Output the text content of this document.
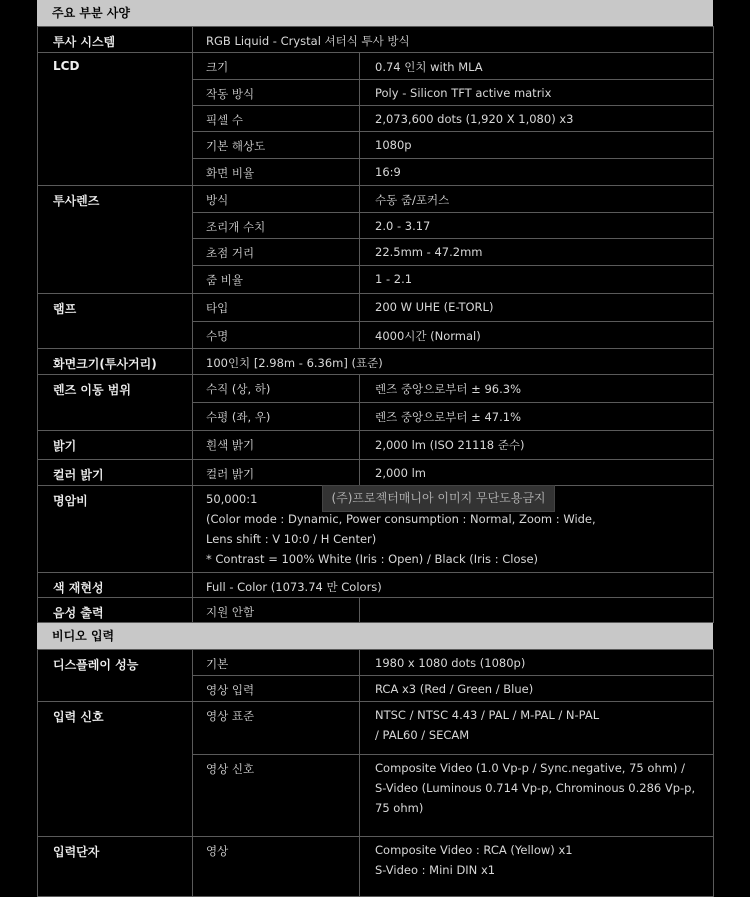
주요 부분 사양
투사 시스템	RGB Liquid - Crystal 셔터식 투사 방식	
LCD	크기	0.74 인치 with MLA
	작동 방식	Poly - Silicon TFT active matrix
	픽셀 수	2,073,600 dots (1,920 X 1,080) x3
	기본 해상도	1080p
	화면 비율	16:9
투사렌즈	방식	수동 줌/포커스
	조리개 수치	2.0 - 3.17
	초점 거리	22.5mm - 47.2mm
	줌 비율	1 - 2.1
램프	타입	200 W UHE (E-TORL)
	수명	4000시간 (Normal)
화면크기(투사거리)	100인치 [2.98m - 6.36m] (표준)	
렌즈 이동 범위	수직 (상, 하)	렌즈 중앙으로부터 ± 96.3%
	수평 (좌, 우)	렌즈 중앙으로부터 ± 47.1%
밝기	흰색 밝기	2,000 lm (ISO 21118 준수)
컬러 밝기	컬러 밝기	2,000 lm
명암비	50,000:1
(Color mode : Dynamic, Power consumption : Normal, Zoom : Wide,
Lens shift : V 10:0 / H Center)
* Contrast = 100% White (Iris : Open) / Black (Iris : Close)	

색 재현성	Full - Color (1073.74 만 Colors)	
음성 출력	지원 안함	
비디오 입력
디스플레이 성능	기본	1980 x 1080 dots (1080p)
	영상 입력	RCA x3 (Red / Green / Blue)
입력 신호	영상 표준	NTSC / NTSC 4.43 / PAL / M-PAL / N-PAL
/ PAL60 / SECAM

	영상 신호	Composite Video (1.0 Vp-p / Sync.negative, 75 ohm) /
S-Video (Luminous 0.714 Vp-p, Chrominous 0.286 Vp-p,
75 ohm)

입력단자	영상	Composite Video : RCA (Yellow) x1
S-Video : Mini DIN x1
(주)프로젝터매니아 이미지 무단도용금지
